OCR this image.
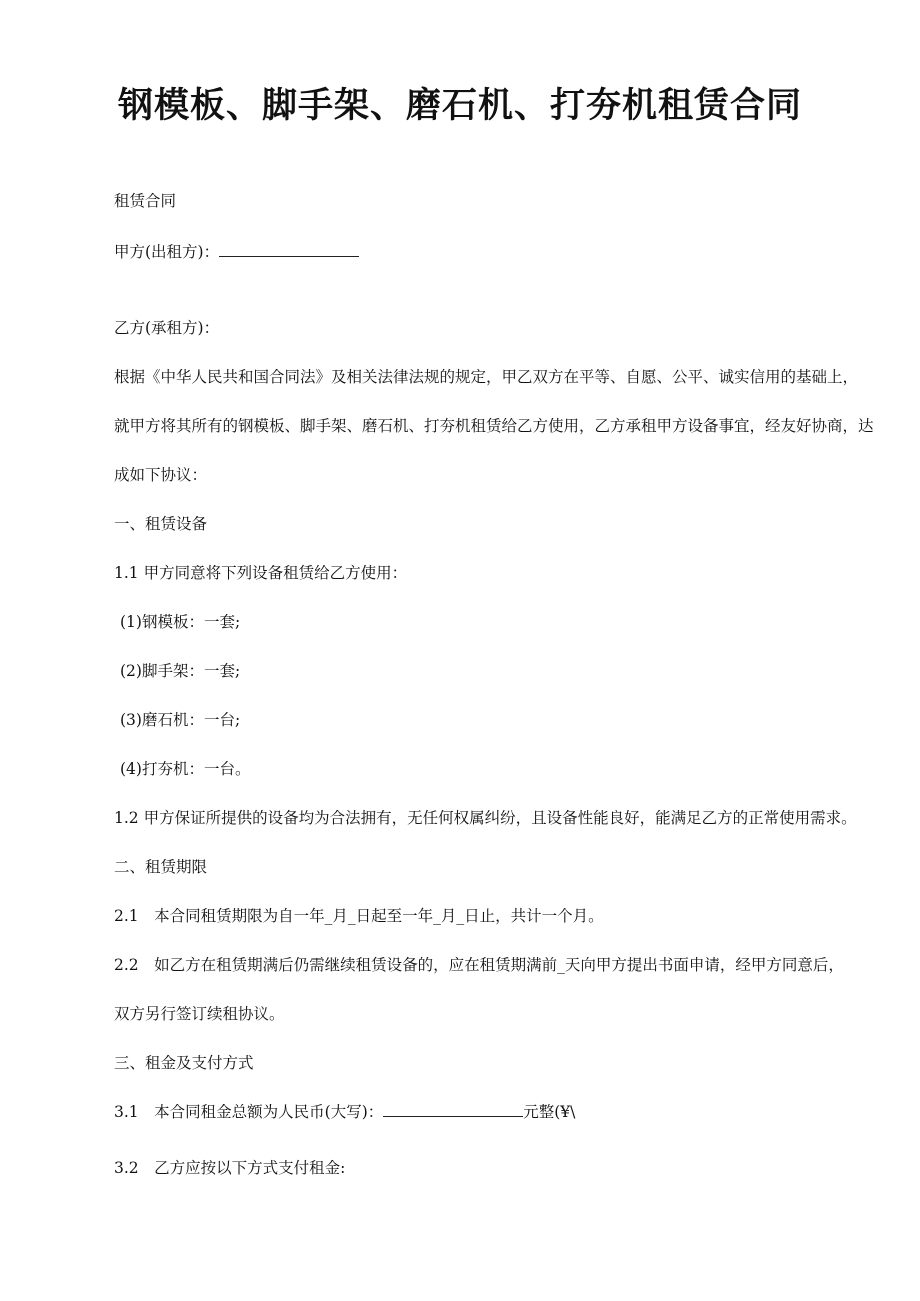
钢模板、脚手架、磨石机、打夯机租赁合同

租赁合同

甲方(出租方)：

乙方(承租方)：

根据《中华人民共和国合同法》及相关法律法规的规定，甲乙双方在平等、自愿、公平、诚实信用的基础上，

就甲方将其所有的钢模板、脚手架、磨石机、打夯机租赁给乙方使用，乙方承租甲方设备事宜，经友好协商，达

成如下协议：

一、租赁设备

1.1 甲方同意将下列设备租赁给乙方使用：

(1)钢模板：一套;

(2)脚手架：一套;

(3)磨石机：一台;

(4)打夯机：一台。

1.2 甲方保证所提供的设备均为合法拥有，无任何权属纠纷，且设备性能良好，能满足乙方的正常使用需求。

二、租赁期限

2.1　本合同租赁期限为自一年_月_日起至一年_月_日止，共计一个月。

2.2　如乙方在租赁期满后仍需继续租赁设备的，应在租赁期满前_天向甲方提出书面申请，经甲方同意后，

双方另行签订续租协议。

三、租金及支付方式

3.1　本合同租金总额为人民币(大写)：	元整(¥\

3.2　乙方应按以下方式支付租金:
